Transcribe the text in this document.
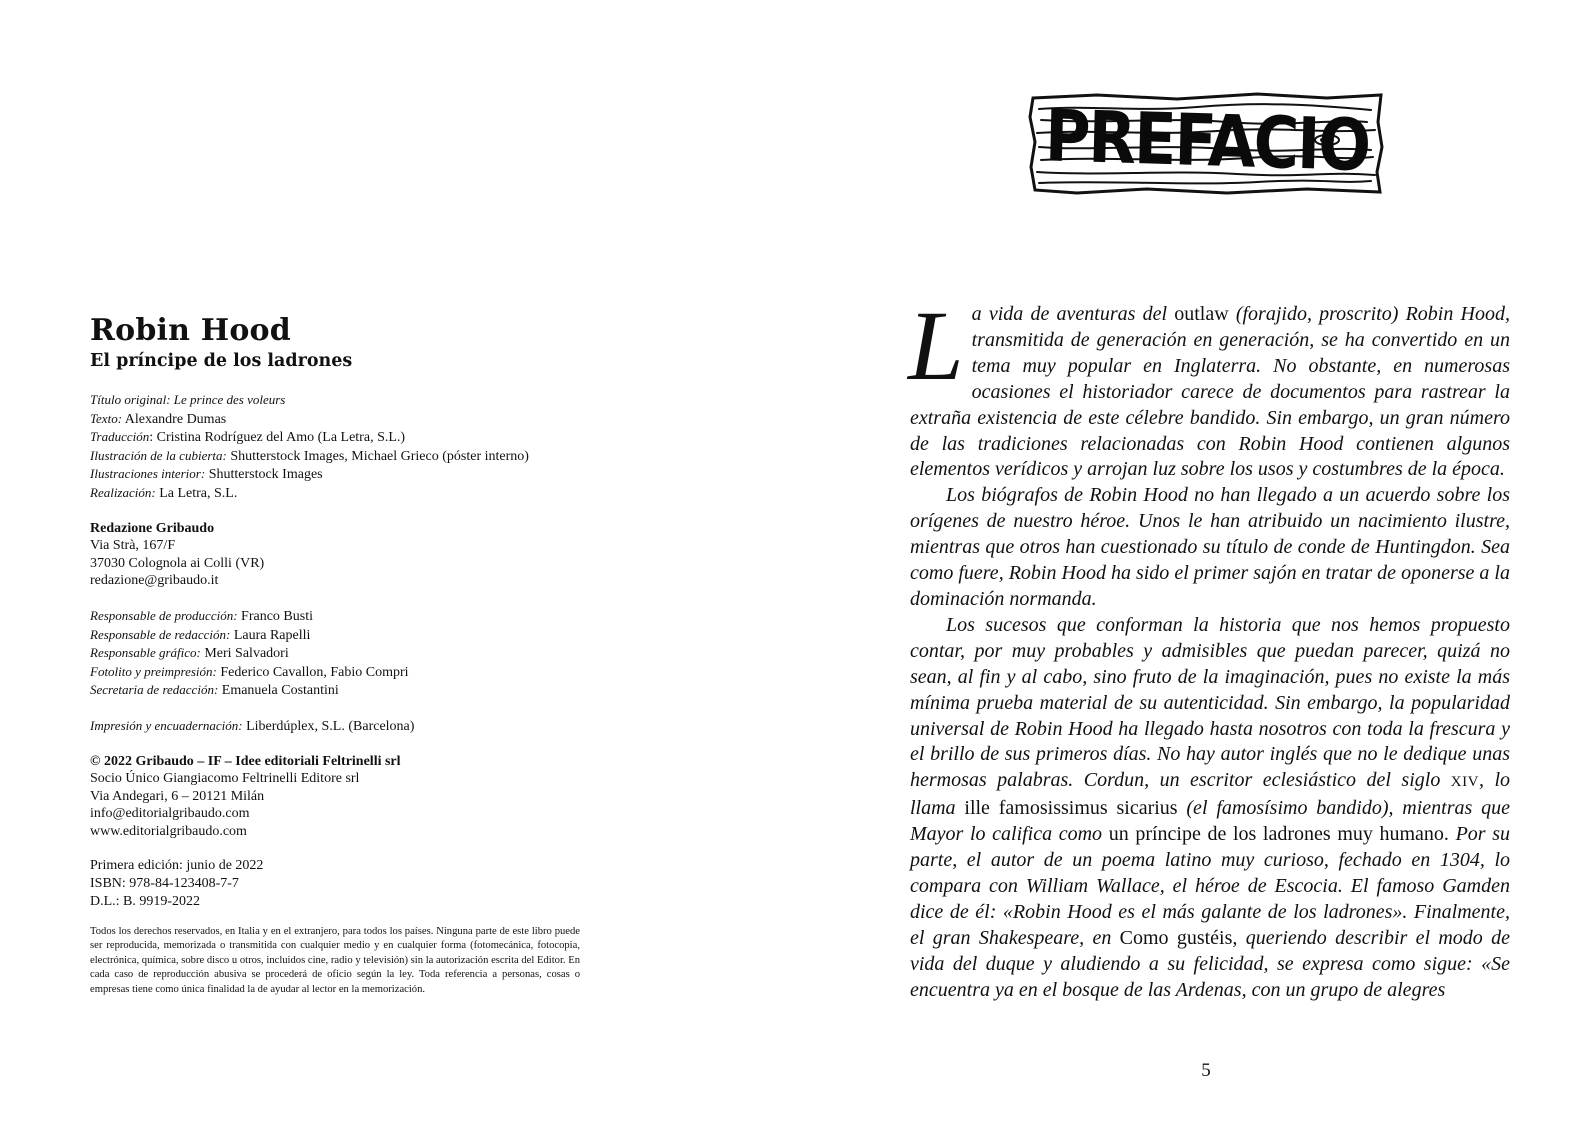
Robin Hood
El príncipe de los ladrones
Título original: Le prince des voleurs
Texto: Alexandre Dumas
Traducción: Cristina Rodríguez del Amo (La Letra, S.L.)
Ilustración de la cubierta: Shutterstock Images, Michael Grieco (póster interno)
Ilustraciones interior: Shutterstock Images
Realización: La Letra, S.L.
Redazione Gribaudo
Via Strà, 167/F
37030 Colognola ai Colli (VR)
redazione@gribaudo.it
Responsable de producción: Franco Busti
Responsable de redacción: Laura Rapelli
Responsable gráfico: Meri Salvadori
Fotolito y preimpresión: Federico Cavallon, Fabio Compri
Secretaria de redacción: Emanuela Costantini
Impresión y encuadernación: Liberdúplex, S.L. (Barcelona)
© 2022 Gribaudo – IF – Idee editoriali Feltrinelli srl
Socio Único Giangiacomo Feltrinelli Editore srl
Via Andegari, 6 – 20121 Milán
info@editorialgribaudo.com
www.editorialgribaudo.com
Primera edición: junio de 2022
ISBN: 978-84-123408-7-7
D.L.: B. 9919-2022
Todos los derechos reservados, en Italia y en el extranjero, para todos los países. Ninguna parte de este libro puede ser reproducida, memorizada o transmitida con cualquier medio y en cualquier forma (fotomecánica, fotocopia, electrónica, química, sobre disco u otros, incluidos cine, radio y televisión) sin la autorización escrita del Editor. En cada caso de reproducción abusiva se procederá de oficio según la ley. Toda referencia a personas, cosas o empresas tiene como única finalidad la de ayudar al lector en la memorización.
PREFACIO

La vida de aventuras del outlaw (forajido, proscrito) Robin Hood, transmitida de generación en generación, se ha convertido en un tema muy popular en Inglaterra. No obstante, en numerosas ocasiones el historiador carece de documentos para rastrear la extraña existencia de este célebre bandido. Sin embargo, un gran número de las tradiciones relacionadas con Robin Hood contienen algunos elementos verídicos y arrojan luz sobre los usos y costumbres de la época.

Los biógrafos de Robin Hood no han llegado a un acuerdo sobre los orígenes de nuestro héroe. Unos le han atribuido un nacimiento ilustre, mientras que otros han cuestionado su título de conde de Huntingdon. Sea como fuere, Robin Hood ha sido el primer sajón en tratar de oponerse a la dominación normanda.

Los sucesos que conforman la historia que nos hemos propuesto contar, por muy probables y admisibles que puedan parecer, quizá no sean, al fin y al cabo, sino fruto de la imaginación, pues no existe la más mínima prueba material de su autenticidad. Sin embargo, la popularidad universal de Robin Hood ha llegado hasta nosotros con toda la frescura y el brillo de sus primeros días. No hay autor inglés que no le dedique unas hermosas palabras. Cordun, un escritor eclesiástico del siglo XIV, lo llama ille famosissimus sicarius (el famosísimo bandido), mientras que Mayor lo califica como un príncipe de los ladrones muy humano. Por su parte, el autor de un poema latino muy curioso, fechado en 1304, lo compara con William Wallace, el héroe de Escocia. El famoso Gamden dice de él: «Robin Hood es el más galante de los ladrones». Finalmente, el gran Shakespeare, en Como gustéis, queriendo describir el modo de vida del duque y aludiendo a su felicidad, se expresa como sigue: «Se encuentra ya en el bosque de las Ardenas, con un grupo de alegres

5
